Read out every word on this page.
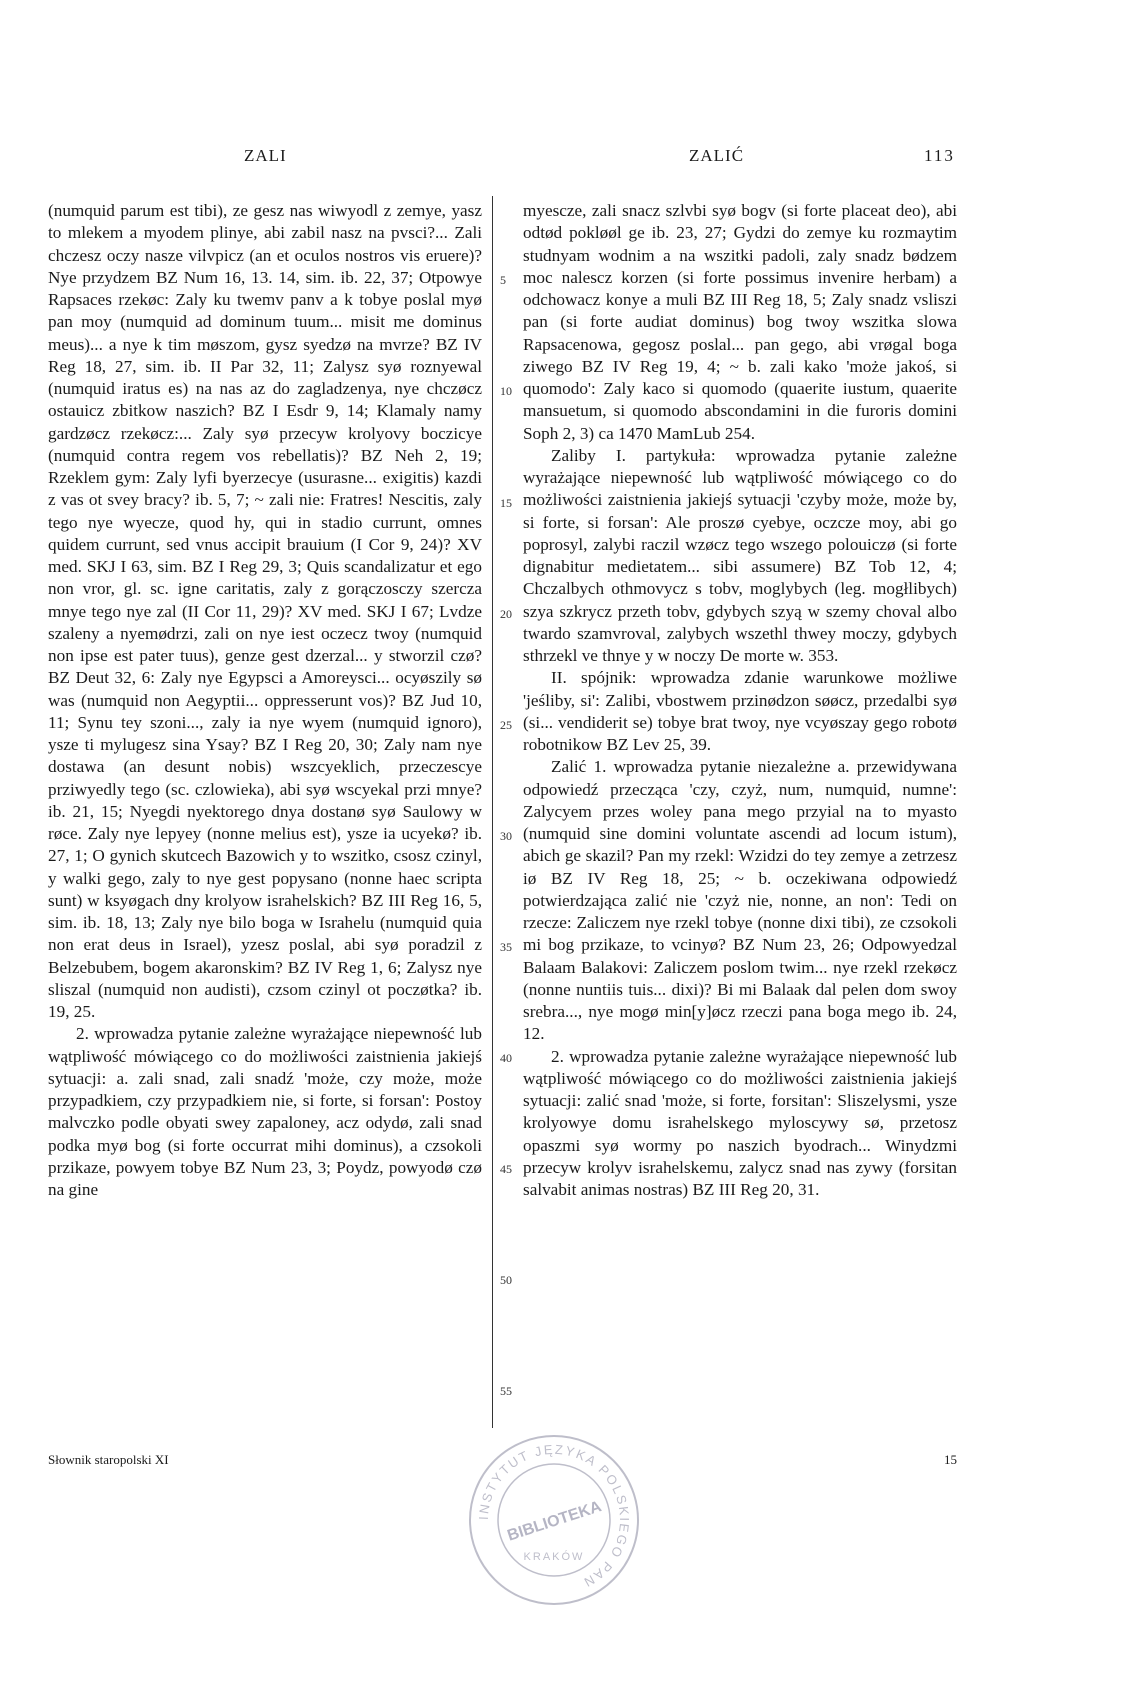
ZALI	ZALIĆ	113

(numquid parum est tibi), ze gesz nas wiwyodl z zemye, yasz to mlekem a myodem plinye, abi zabil nasz na pvsci?... Zali chczesz oczy nasze vilvpicz (an et oculos nostros vis eruere)? Nye przydzem BZ Num 16, 13. 14, sim. ib. 22, 37; Otpowye Rapsaces rzekøc: Zaly ku twemv panv a k tobye poslal myø pan moy (numquid ad dominum tuum... misit me dominus meus)... a nye k tim møszom, gysz syedzø na mvrze? BZ IV Reg 18, 27, sim. ib. II Par 32, 11; Zalysz syø roznyewal (numquid iratus es) na nas az do zagladzenya, nye chczøcz ostauicz zbitkow naszich? BZ I Esdr 9, 14; Klamaly namy gardzøcz rzekøcz:... Zaly syø przecyw krolyovy boczicye (numquid contra regem vos rebellatis)? BZ Neh 2, 19; Rzeklem gym: Zaly lyfi byerzecye (usurasne... exigitis) kazdi z vas ot svey bracy? ib. 5, 7; ~ zali nie: Fratres! Nescitis, zaly tego nye wyecze, quod hy, qui in stadio currunt, omnes quidem currunt, sed vnus accipit brauium (I Cor 9, 24)? XV med. SKJ I 63, sim. BZ I Reg 29, 3; Quis scandalizatur et ego non vror, gl. sc. igne caritatis, zaly z gorączosczy szercza mnye tego nye zal (II Cor 11, 29)? XV med. SKJ I 67; Lvdze szaleny a nyemødrzi, zali on nye iest oczecz twoy (numquid non ipse est pater tuus), genze gest dzerzal... y stworzil czø? BZ Deut 32, 6: Zaly nye Egypsci a Amoreysci... ocyøszily sø was (numquid non Aegyptii... oppresserunt vos)? BZ Jud 10, 11; Synu tey szoni..., zaly ia nye wyem (numquid ignoro), ysze ti mylugesz sina Ysay? BZ I Reg 20, 30; Zaly nam nye dostawa (an desunt nobis) wszcyeklich, przeczescye prziwyedly tego (sc. czlowieka), abi syø wscyekal przi mnye? ib. 21, 15; Nyegdi nyektorego dnya dostanø syø Saulowy w røce. Zaly nye lepyey (nonne melius est), ysze ia ucyekø? ib. 27, 1; O gynich skutcech Bazowich y to wszitko, csosz czinyl, y walki gego, zaly to nye gest popysano (nonne haec scripta sunt) w ksyøgach dny krolyow israhelskich? BZ III Reg 16, 5, sim. ib. 18, 13; Zaly nye bilo boga w Israhelu (numquid quia non erat deus in Israel), yzesz poslal, abi syø poradzil z Belzebubem, bogem akaronskim? BZ IV Reg 1, 6; Zalysz nye sliszal (numquid non audisti), czsom czinyl ot poczøtka? ib. 19, 25.

2. wprowadza pytanie zależne wyrażające niepewność lub wątpliwość mówiącego co do możliwości zaistnienia jakiejś sytuacji: a. zali snad, zali snadź 'może, czy może, może przypadkiem, czy przypadkiem nie, si forte, si forsan': Postoy malvczko podle obyati swey zapaloney, acz odydø, zali snad podka myø bog (si forte occurrat mihi dominus), a czsokoli przikaze, powyem tobye BZ Num 23, 3; Poydz, powyodø czø na gine

5
10
15
20
25
30
35
40
45
50
55

myescze, zali snacz szlvbi syø bogv (si forte placeat deo), abi odtød pokløøl ge ib. 23, 27; Gydzi do zemye ku rozmaytim studnyam wodnim a na wszitki padoli, zaly snadz bødzem moc nalescz korzen (si forte possimus invenire herbam) a odchowacz konye a muli BZ III Reg 18, 5; Zaly snadz vsliszi pan (si forte audiat dominus) bog twoy wszitka slowa Rapsacenowa, gegosz poslal... pan gego, abi vrøgal boga ziwego BZ IV Reg 19, 4; ~ b. zali kako 'może jakoś, si quomodo': Zaly kaco si quomodo (quaerite iustum, quaerite mansuetum, si quomodo abscondamini in die furoris domini Soph 2, 3) ca 1470 MamLub 254.

Zaliby I. partykuła: wprowadza pytanie zależne wyrażające niepewność lub wątpliwość mówiącego co do możliwości zaistnienia jakiejś sytuacji 'czyby może, może by, si forte, si forsan': Ale proszø cyebye, oczcze moy, abi go poprosyl, zalybi raczil wzøcz tego wszego polouiczø (si forte dignabitur medietatem... sibi assumere) BZ Tob 12, 4; Chczalbych othmovycz s tobv, moglybych (leg. mogłlibych) szya szkrycz przeth tobv, gdybych szyą w szemy choval albo twardo szamvroval, zalybych wszethl thwey moczy, gdybych sthrzekl ve thnye y w noczy De morte w. 353.

II. spójnik: wprowadza zdanie warunkowe możliwe 'jeśliby, si': Zalibi, vbostwem przinødzon søøcz, przedalbi syø (si... vendiderit se) tobye brat twoy, nye vcyøszay gego robotø robotnikow BZ Lev 25, 39.

Zalić 1. wprowadza pytanie niezależne a. przewidywana odpowiedź przecząca 'czy, czyż, num, numquid, numne': Zalycyem przes woley pana mego przyial na to myasto (numquid sine domini voluntate ascendi ad locum istum), abich ge skazil? Pan my rzekl: Wzidzi do tey zemye a zetrzesz iø BZ IV Reg 18, 25; ~ b. oczekiwana odpowiedź potwierdzająca zalić nie 'czyż nie, nonne, an non': Tedi on rzecze: Zaliczem nye rzekl tobye (nonne dixi tibi), ze czsokoli mi bog przikaze, to vcinyø? BZ Num 23, 26; Odpowyedzal Balaam Balakovi: Zaliczem poslom twim... nye rzekl rzekøcz (nonne nuntiis tuis... dixi)? Bi mi Balaak dal pelen dom swoy srebra..., nye mogø min[y]øcz rzeczi pana boga mego ib. 24, 12.

2. wprowadza pytanie zależne wyrażające niepewność lub wątpliwość mówiącego co do możliwości zaistnienia jakiejś sytuacji: zalić snad 'może, si forte, forsitan': Sliszelysmi, ysze krolyowye domu israhelskego myloscywy sø, przetosz opaszmi syø wormy po naszich byodrach... Winydzmi przecyw krolyv israhelskemu, zalycz snad nas zywy (forsitan salvabit animas nostras) BZ III Reg 20, 31.

Słownik staropolski XI	15
INSTYTUT JĘZYKA POLSKIEGO PAN
BIBLIOTEKA
KRAKÓW
